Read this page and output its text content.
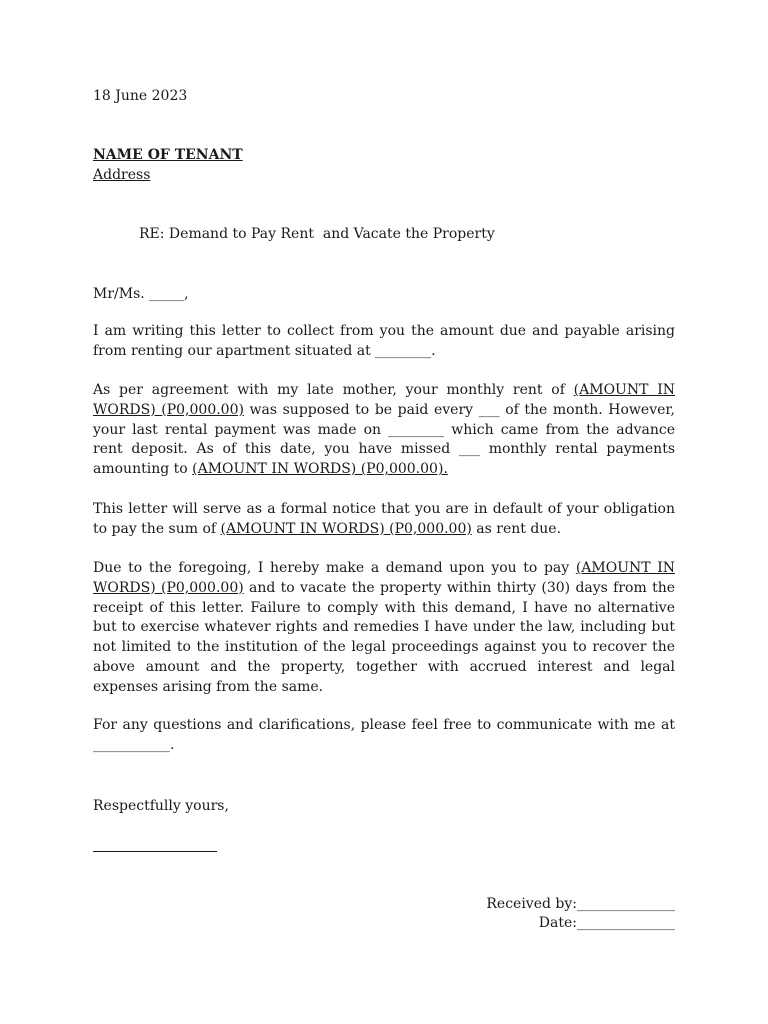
18 June 2023
NAME OF TENANT
Address
RE: Demand to Pay Rent  and Vacate the Property
Mr/Ms. _____,
I am writing this letter to collect from you the amount due and payable arising from renting our apartment situated at ________.
As per agreement with my late mother, your monthly rent of (AMOUNT IN WORDS) (P0,000.00) was supposed to be paid every ___ of the month. However, your last rental payment was made on ________ which came from the advance rent deposit. As of this date, you have missed ___ monthly rental payments amounting to (AMOUNT IN WORDS) (P0,000.00).
This letter will serve as a formal notice that you are in default of your obligation to pay the sum of (AMOUNT IN WORDS) (P0,000.00) as rent due.
Due to the foregoing, I hereby make a demand upon you to pay (AMOUNT IN WORDS) (P0,000.00) and to vacate the property within thirty (30) days from the receipt of this letter. Failure to comply with this demand, I have no alternative but to exercise whatever rights and remedies I have under the law, including but not limited to the institution of the legal proceedings against you to recover the above amount and the property, together with accrued interest and legal expenses arising from the same.
For any questions and clarifications, please feel free to communicate with me at ___________.
Respectfully yours,
Received by:______________
Date:______________
